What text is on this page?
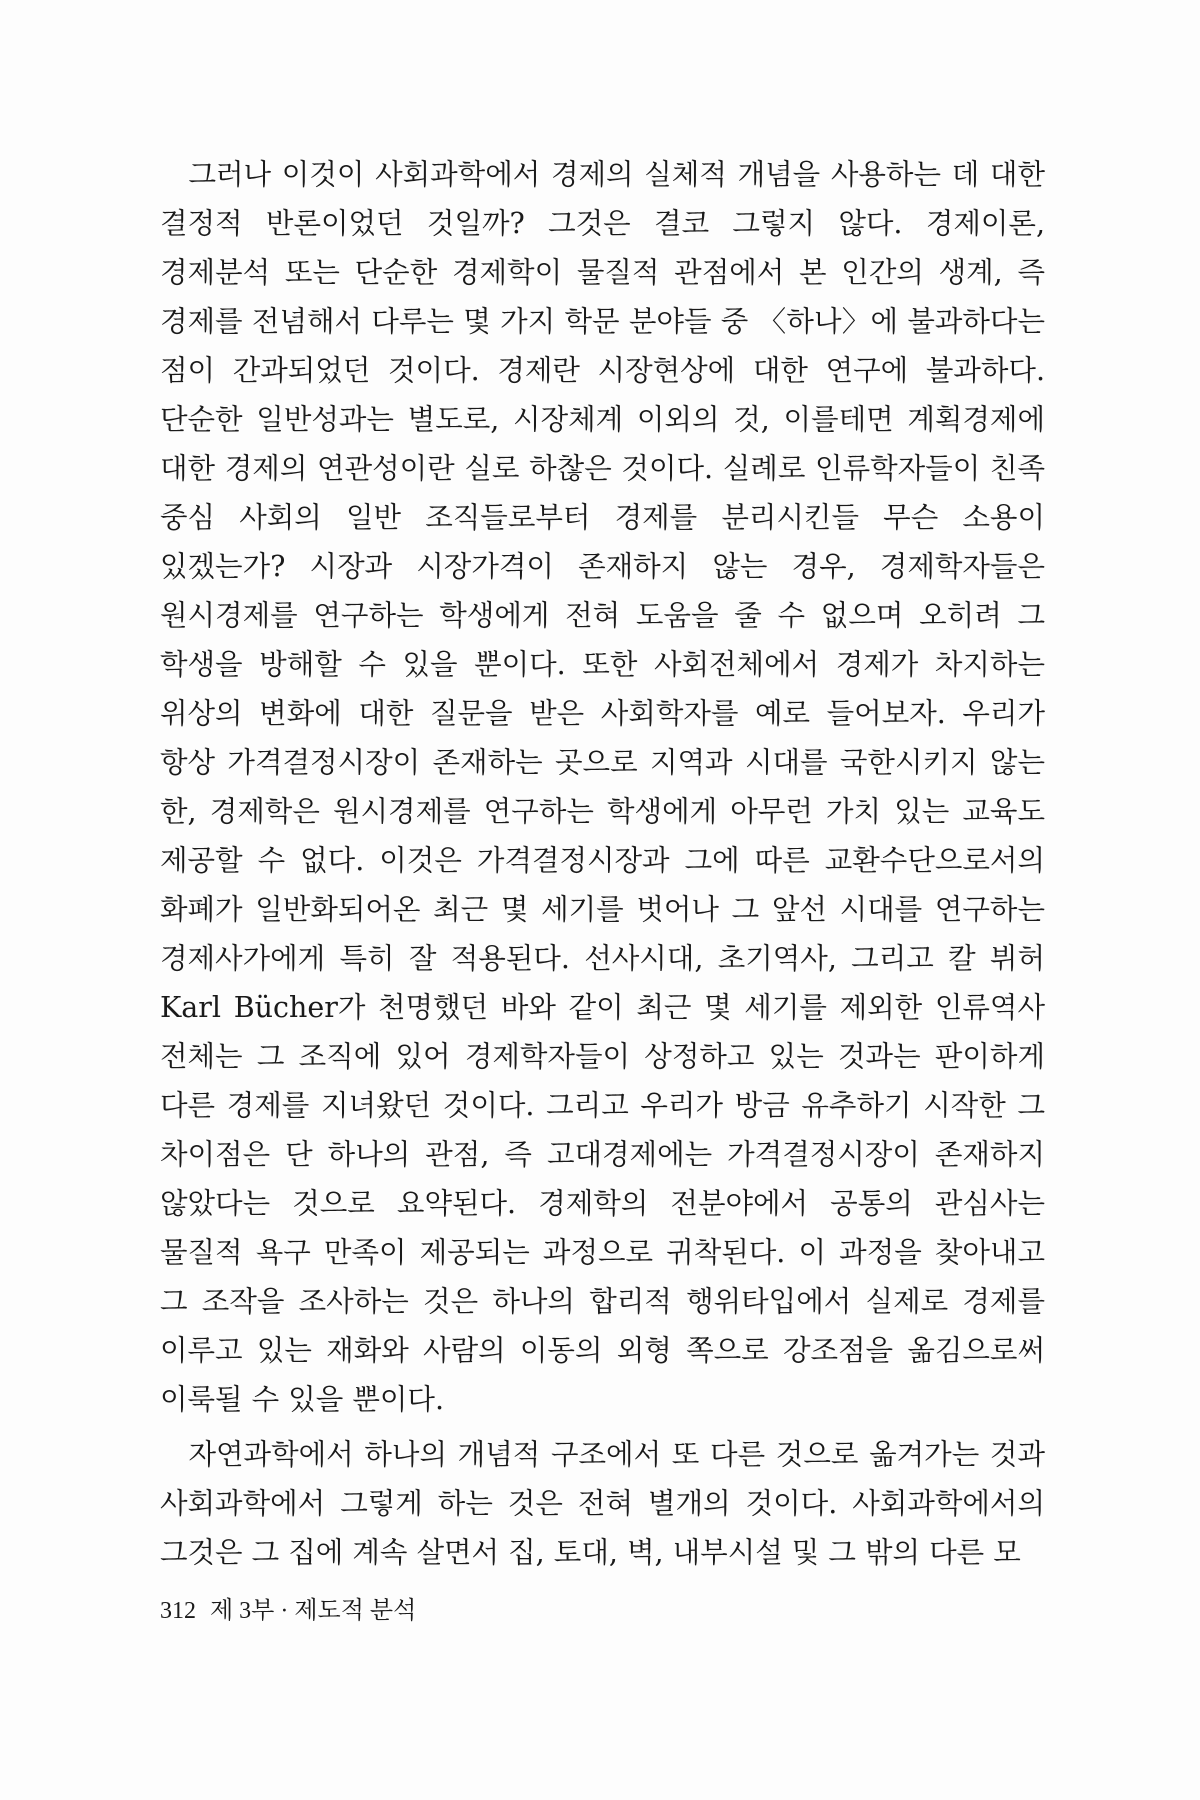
그러나 이것이 사회과학에서 경제의 실체적 개념을 사용하는 데 대한 결정적 반론이었던 것일까? 그것은 결코 그렇지 않다. 경제이론, 경제분석 또는 단순한 경제학이 물질적 관점에서 본 인간의 생계, 즉 경제를 전념해서 다루는 몇 가지 학문 분야들 중 〈하나〉에 불과하다는 점이 간과되었던 것이다. 경제란 시장현상에 대한 연구에 불과하다. 단순한 일반성과는 별도로, 시장체계 이외의 것, 이를테면 계획경제에 대한 경제의 연관성이란 실로 하찮은 것이다. 실례로 인류학자들이 친족 중심 사회의 일반 조직들로부터 경제를 분리시킨들 무슨 소용이 있겠는가? 시장과 시장가격이 존재하지 않는 경우, 경제학자들은 원시경제를 연구하는 학생에게 전혀 도움을 줄 수 없으며 오히려 그 학생을 방해할 수 있을 뿐이다. 또한 사회전체에서 경제가 차지하는 위상의 변화에 대한 질문을 받은 사회학자를 예로 들어보자. 우리가 항상 가격결정시장이 존재하는 곳으로 지역과 시대를 국한시키지 않는 한, 경제학은 원시경제를 연구하는 학생에게 아무런 가치 있는 교육도 제공할 수 없다. 이것은 가격결정시장과 그에 따른 교환수단으로서의 화폐가 일반화되어온 최근 몇 세기를 벗어나 그 앞선 시대를 연구하는 경제사가에게 특히 잘 적용된다. 선사시대, 초기역사, 그리고 칼 뷔허 Karl Bücher가 천명했던 바와 같이 최근 몇 세기를 제외한 인류역사 전체는 그 조직에 있어 경제학자들이 상정하고 있는 것과는 판이하게 다른 경제를 지녀왔던 것이다. 그리고 우리가 방금 유추하기 시작한 그 차이점은 단 하나의 관점, 즉 고대경제에는 가격결정시장이 존재하지 않았다는 것으로 요약된다. 경제학의 전분야에서 공통의 관심사는 물질적 욕구 만족이 제공되는 과정으로 귀착된다. 이 과정을 찾아내고 그 조작을 조사하는 것은 하나의 합리적 행위타입에서 실제로 경제를 이루고 있는 재화와 사람의 이동의 외형 쪽으로 강조점을 옮김으로써 이룩될 수 있을 뿐이다.

자연과학에서 하나의 개념적 구조에서 또 다른 것으로 옮겨가는 것과 사회과학에서 그렇게 하는 것은 전혀 별개의 것이다. 사회과학에서의 그것은 그 집에 계속 살면서 집, 토대, 벽, 내부시설 및 그 밖의 다른 모

312 제 3부 · 제도적 분석
